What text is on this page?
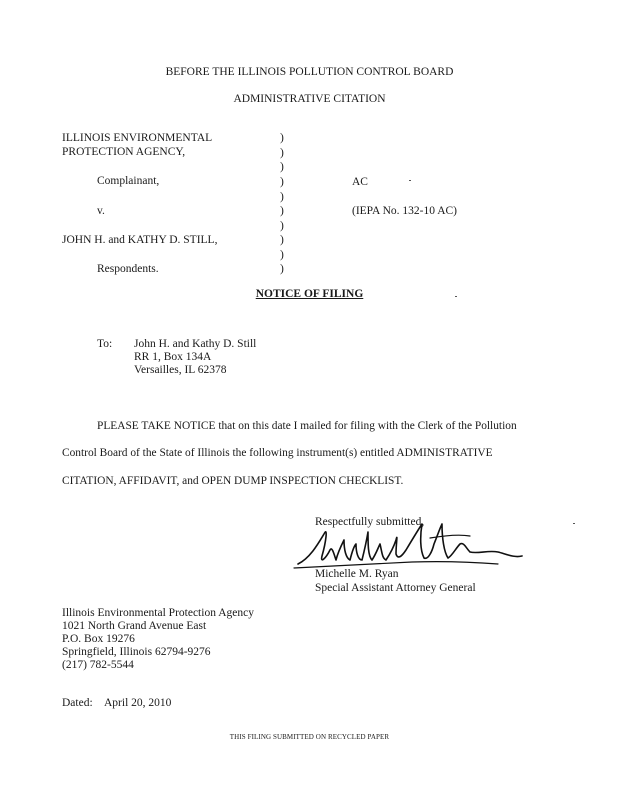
BEFORE THE ILLINOIS POLLUTION CONTROL BOARD
ADMINISTRATIVE CITATION
ILLINOIS ENVIRONMENTAL
PROTECTION AGENCY,
Complainant,
v.
JOHN H. and KATHY D. STILL,
Respondents.
)
)
)
)
)
)
)
)
)
)
AC
(IEPA No. 132-10 AC)
NOTICE OF FILING
To: John H. and Kathy D. Still
RR 1, Box 134A
Versailles, IL 62378
PLEASE TAKE NOTICE that on this date I mailed for filing with the Clerk of the Pollution
Control Board of the State of Illinois the following instrument(s) entitled ADMINISTRATIVE
CITATION, AFFIDAVIT, and OPEN DUMP INSPECTION CHECKLIST.
Respectfully submitted,
Michelle M. Ryan
Special Assistant Attorney General
Illinois Environmental Protection Agency
1021 North Grand Avenue East
P.O. Box 19276
Springfield, Illinois 62794-9276
(217) 782-5544
Dated: April 20, 2010
THIS FILING SUBMITTED ON RECYCLED PAPER
